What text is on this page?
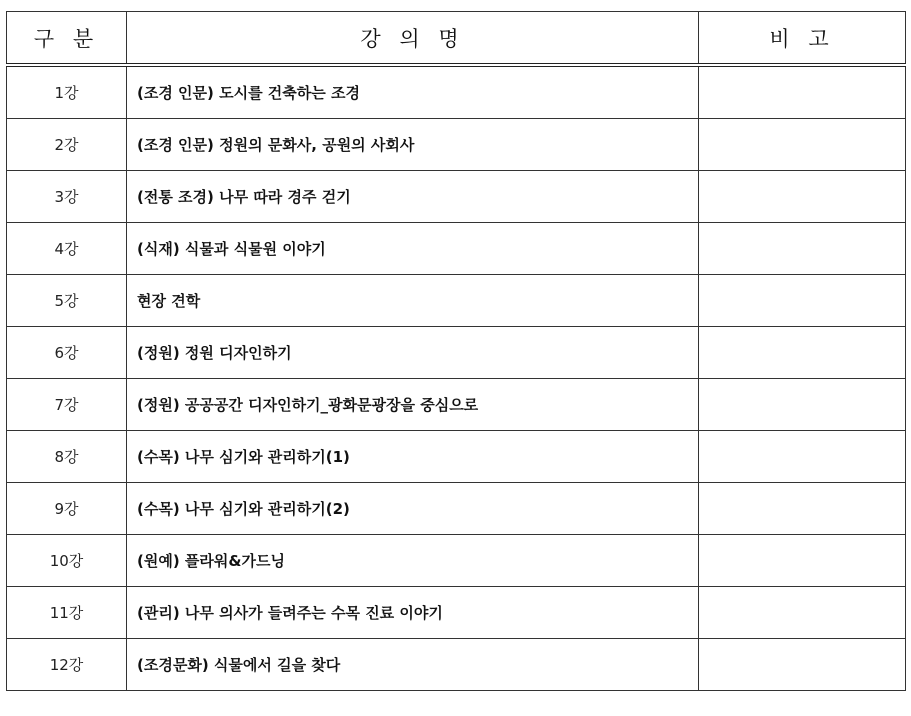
구 분	강 의 명	비 고
1강	(조경 인문) 도시를 건축하는 조경	
2강	(조경 인문) 정원의 문화사, 공원의 사회사	
3강	(전통 조경) 나무 따라 경주 걷기	
4강	(식재) 식물과 식물원 이야기	
5강	현장 견학	
6강	(정원) 정원 디자인하기	
7강	(정원) 공공공간 디자인하기_광화문광장을 중심으로	
8강	(수목) 나무 심기와 관리하기(1)	
9강	(수목) 나무 심기와 관리하기(2)	
10강	(원예) 플라워&가드닝	
11강	(관리) 나무 의사가 들려주는 수목 진료 이야기	
12강	(조경문화) 식물에서 길을 찾다	
